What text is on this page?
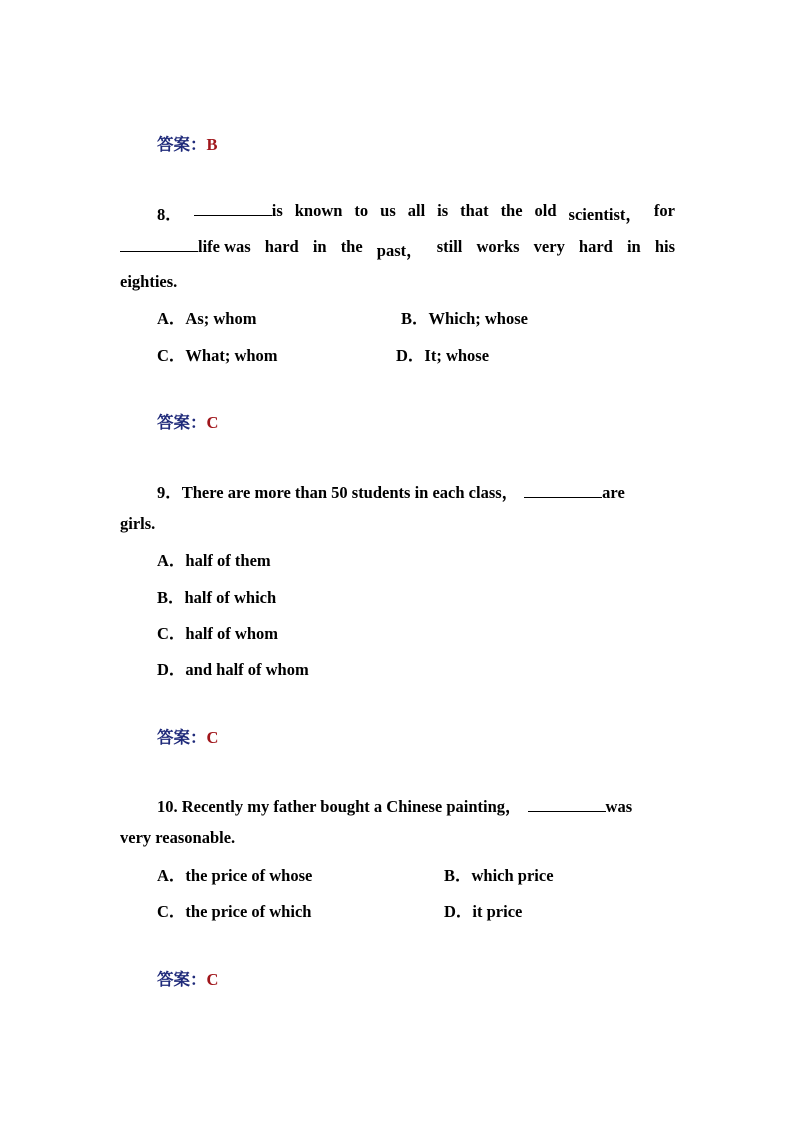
答案：B
8．	is known to us all is that the old scientist， for
life was hard in the past， still works very hard in his
eighties.
A．As; whom	B．Which; whose
C．What; whom	D．It; whose
答案：C
9．There are more than 50 students in each class，	are
girls.
A．half of them
B．half of which
C．half of whom
D．and half of whom
答案：C
10. Recently my father bought a Chinese painting，	was
very reasonable.
A．the price of whose	B．which price
C．the price of which	D．it price
答案：C
